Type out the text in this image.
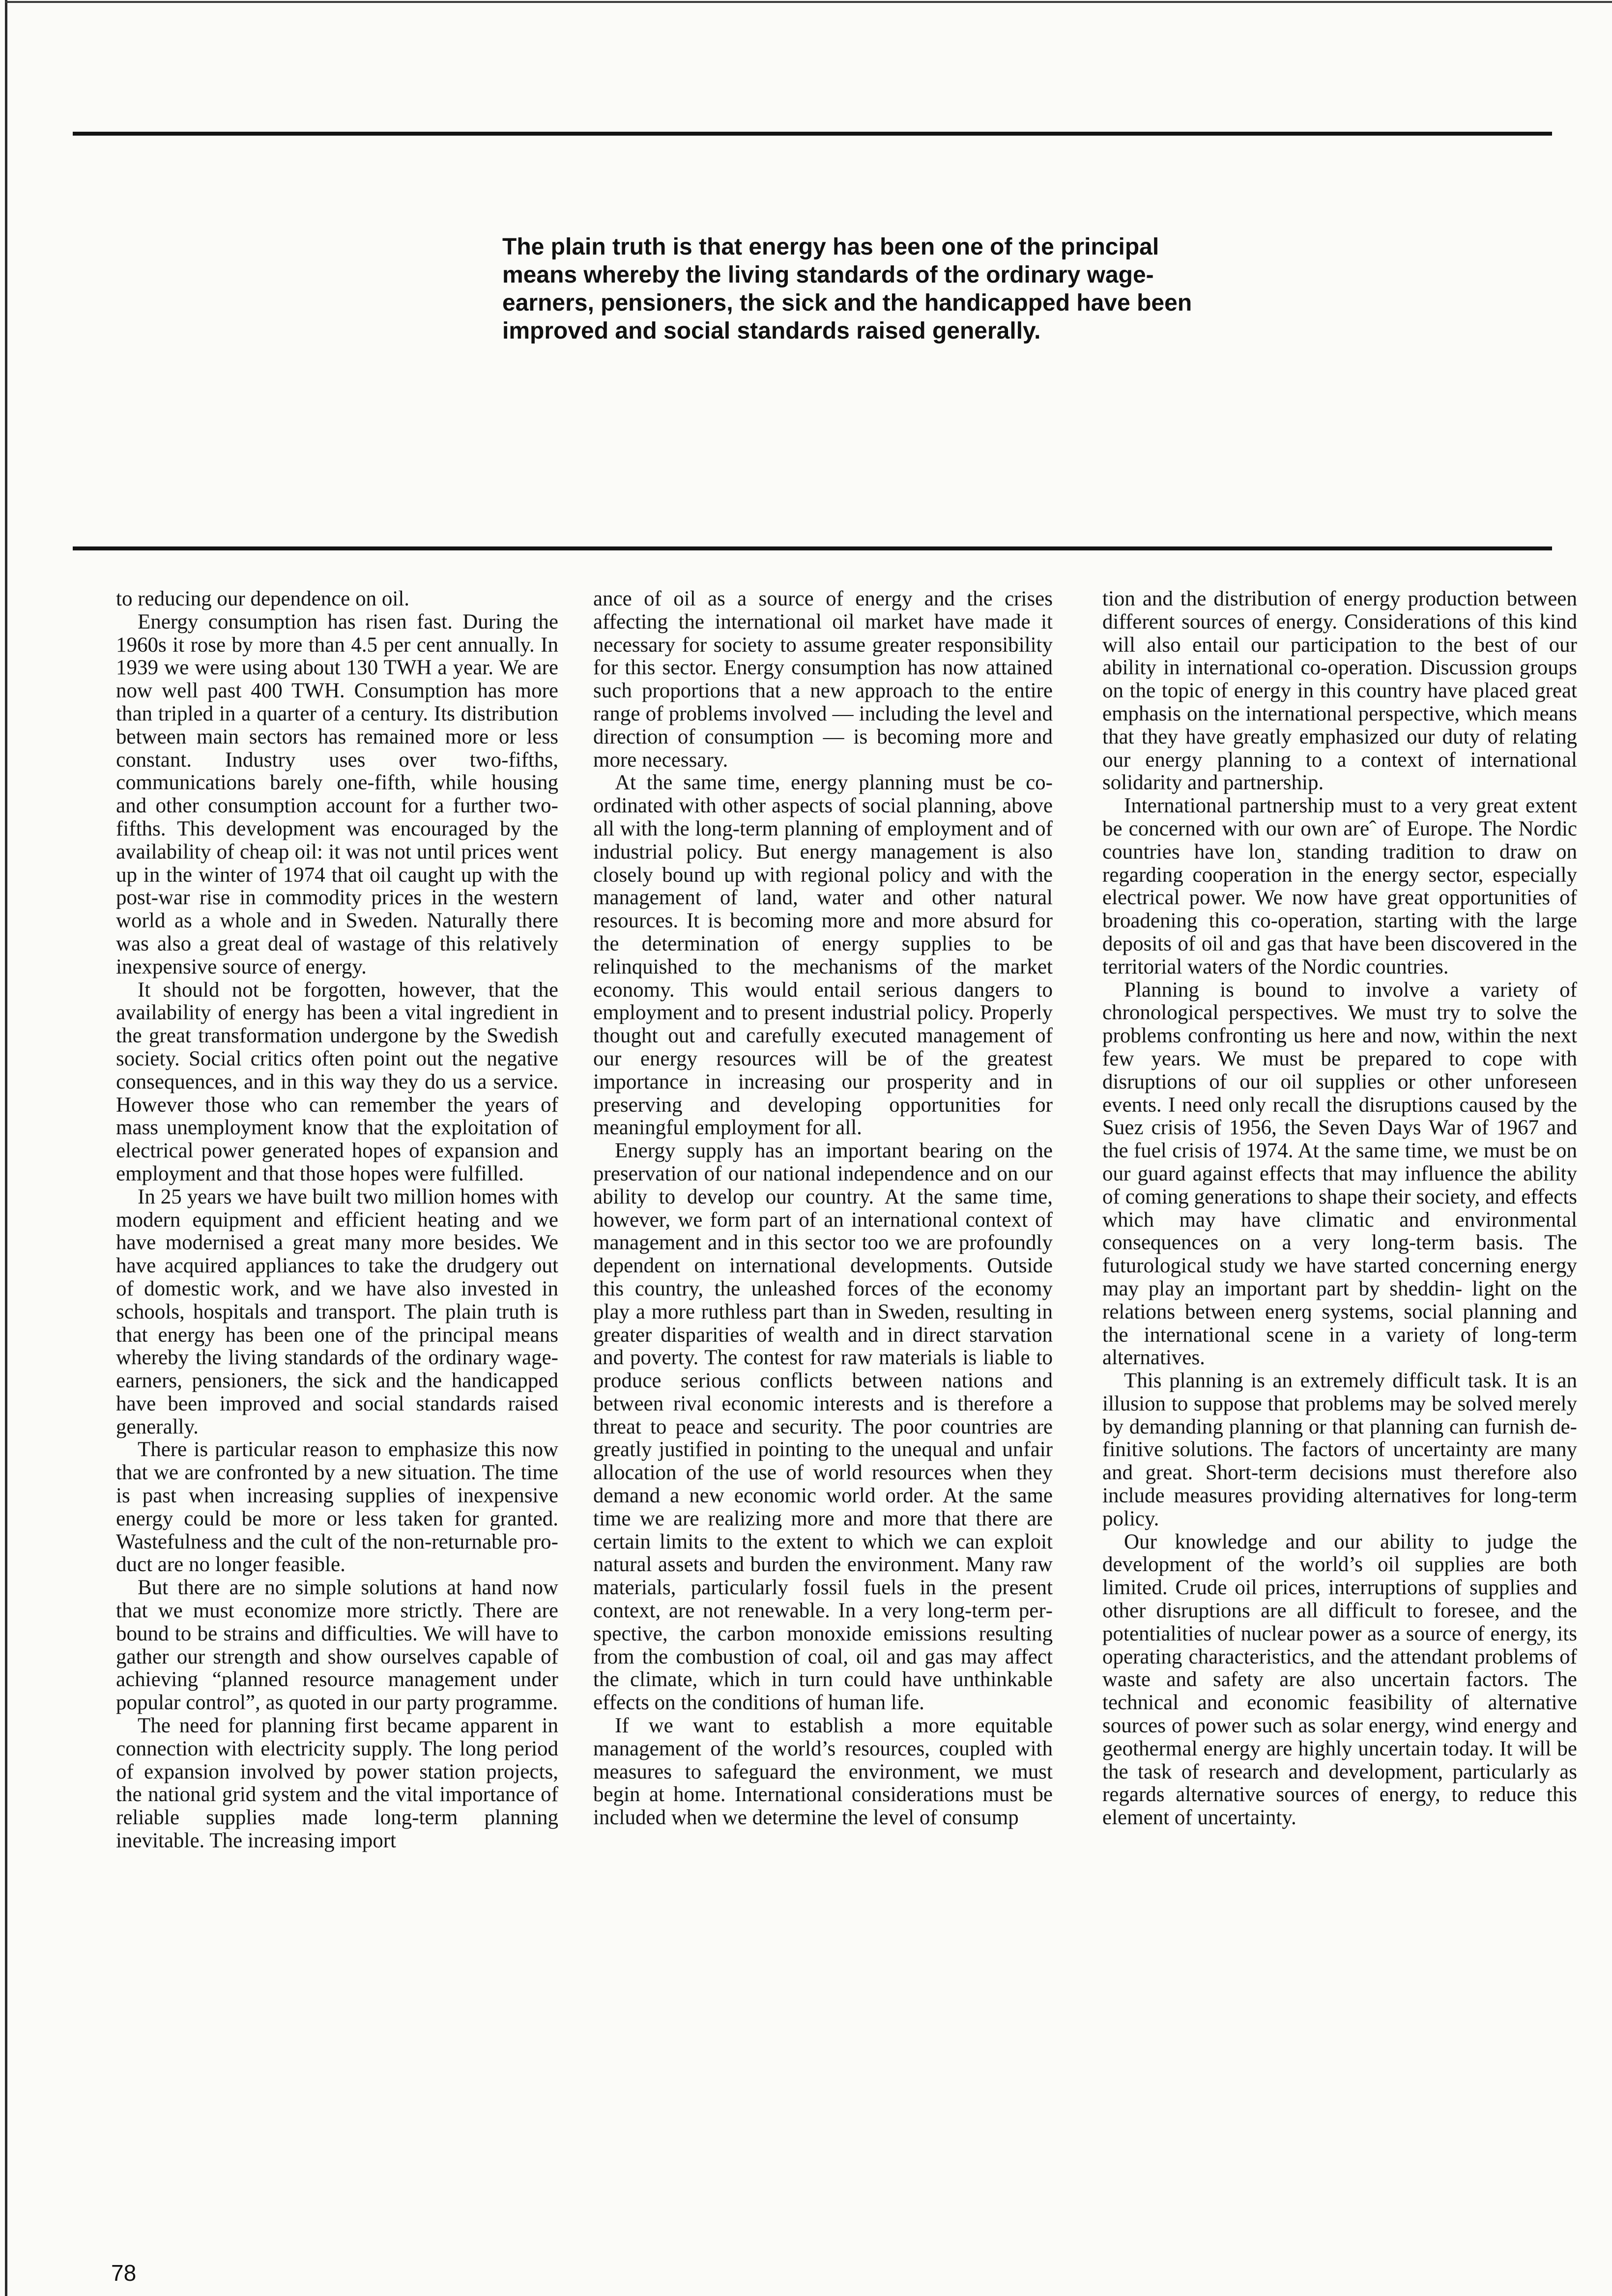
The plain truth is that energy has been one of the principal means whereby the living standards of the ordinary wage-earners, pensioners, the sick and the handicapped have been improved and social standards raised generally.

to reducing our dependence on oil.

Energy consumption has risen fast. During the 1960s it rose by more than 4.5 per cent annually. In 1939 we were using about 130 TWH a year. We are now well past 400 TWH. Consumption has more than tripled in a quarter of a century. Its distribution between main sectors has remained more or less constant. Industry uses over two-fifths, communications barely one-fifth, while housing and other consumption account for a further two-fifths. This development was encouraged by the availability of cheap oil: it was not until prices went up in the winter of 1974 that oil caught up with the post-war rise in commodity prices in the western world as a whole and in Sweden. Naturally there was also a great deal of wastage of this relatively inexpensive source of energy.

It should not be forgotten, however, that the availability of energy has been a vital ingredient in the great transformation undergone by the Swedish society. Social critics often point out the negative consequences, and in this way they do us a service. However those who can remember the years of mass unemployment know that the exploitation of electrical power generated hopes of expansion and employment and that those hopes were fulfilled.

In 25 years we have built two million homes with modern equipment and efficient heating and we have modernised a great many more besides. We have acquired appliances to take the drudgery out of domestic work, and we have also invested in schools, hospitals and transport. The plain truth is that energy has been one of the principal means whereby the living standards of the ordinary wage-earners, pensioners, the sick and the handicapped have been improved and social standards raised generally.

There is particular reason to emphasize this now that we are confronted by a new situation. The time is past when increasing supplies of inexpensive energy could be more or less taken for granted. Wastefulness and the cult of the non-returnable product are no longer feasible.

But there are no simple solutions at hand now that we must economize more strictly. There are bound to be strains and difficulties. We will have to gather our strength and show ourselves capable of achieving “planned resource management under popular control”, as quoted in our party programme.

The need for planning first became apparent in connection with electricity supply. The long period of expansion involved by power station projects, the national grid system and the vital importance of reliable supplies made long-term planning inevitable. The increasing import

ance of oil as a source of energy and the crises affecting the international oil market have made it necessary for society to assume greater responsibility for this sector. Energy consumption has now attained such proportions that a new approach to the entire range of problems involved — including the level and direction of consumption — is becoming more and more necessary.

At the same time, energy planning must be co-ordinated with other aspects of social planning, above all with the long-term planning of employment and of industrial policy. But energy management is also closely bound up with regional policy and with the management of land, water and other natural resources. It is becoming more and more absurd for the determination of energy supplies to be relinquished to the mechanisms of the market economy. This would entail serious dangers to employment and to present industrial policy. Properly thought out and carefully executed management of our energy resources will be of the greatest importance in increasing our prosperity and in preserving and developing opportunities for meaningful employment for all.

Energy supply has an important bearing on the preservation of our national independence and on our ability to develop our country. At the same time, however, we form part of an international context of management and in this sector too we are profoundly dependent on international developments. Outside this country, the unleashed forces of the economy play a more ruthless part than in Sweden, resulting in greater disparities of wealth and in direct starvation and poverty. The contest for raw materials is liable to produce serious conflicts between nations and between rival economic interests and is therefore a threat to peace and security. The poor countries are greatly justified in pointing to the unequal and unfair allocation of the use of world resources when they demand a new economic world order. At the same time we are realizing more and more that there are certain limits to the extent to which we can exploit natural assets and burden the environment. Many raw materials, particularly fossil fuels in the present context, are not renewable. In a very long-term perspective, the carbon monoxide emissions resulting from the combustion of coal, oil and gas may affect the climate, which in turn could have unthinkable effects on the conditions of human life.

If we want to establish a more equitable management of the world’s resources, coupled with measures to safeguard the environment, we must begin at home. International considerations must be included when we determine the level of consump

tion and the distribution of energy production between different sources of energy. Considerations of this kind will also entail our participation to the best of our ability in international co-operation. Discussion groups on the topic of energy in this country have placed great emphasis on the international perspective, which means that they have greatly emphasized our duty of relating our energy planning to a context of international solidarity and partnership.

International partnership must to a very great extent be concerned with our own areˆ of Europe. The Nordic countries have lon¸ standing tradition to draw on regarding cooperation in the energy sector, especially electrical power. We now have great opportunities of broadening this co-operation, starting with the large deposits of oil and gas that have been discovered in the territorial waters of the Nordic countries.

Planning is bound to involve a variety of chronological perspectives. We must try to solve the problems confronting us here and now, within the next few years. We must be prepared to cope with disruptions of our oil supplies or other unforeseen events. I need only recall the disruptions caused by the Suez crisis of 1956, the Seven Days War of 1967 and the fuel crisis of 1974. At the same time, we must be on our guard against effects that may influence the ability of coming generations to shape their society, and effects which may have climatic and environmental consequences on a very long-term basis. The futurological study we have started concerning energy may play an important part by sheddin‐ light on the relations between enerɡ systems, social planning and the international scene in a variety of long-term alternatives.

This planning is an extremely difficult task. It is an illusion to suppose that problems may be solved merely by demanding planning or that planning can furnish definitive solutions. The factors of uncertainty are many and great. Short-term decisions must therefore also include measures providing alternatives for long-term policy.

Our knowledge and our ability to judge the development of the world’s oil supplies are both limited. Crude oil prices, interruptions of supplies and other disruptions are all difficult to foresee, and the potentialities of nuclear power as a source of energy, its operating characteristics, and the attendant problems of waste and safety are also uncertain factors. The technical and economic feasibility of alternative sources of power such as solar energy, wind energy and geothermal energy are highly uncertain today. It will be the task of research and development, particularly as regards alternative sources of energy, to reduce this element of uncertainty.

78
